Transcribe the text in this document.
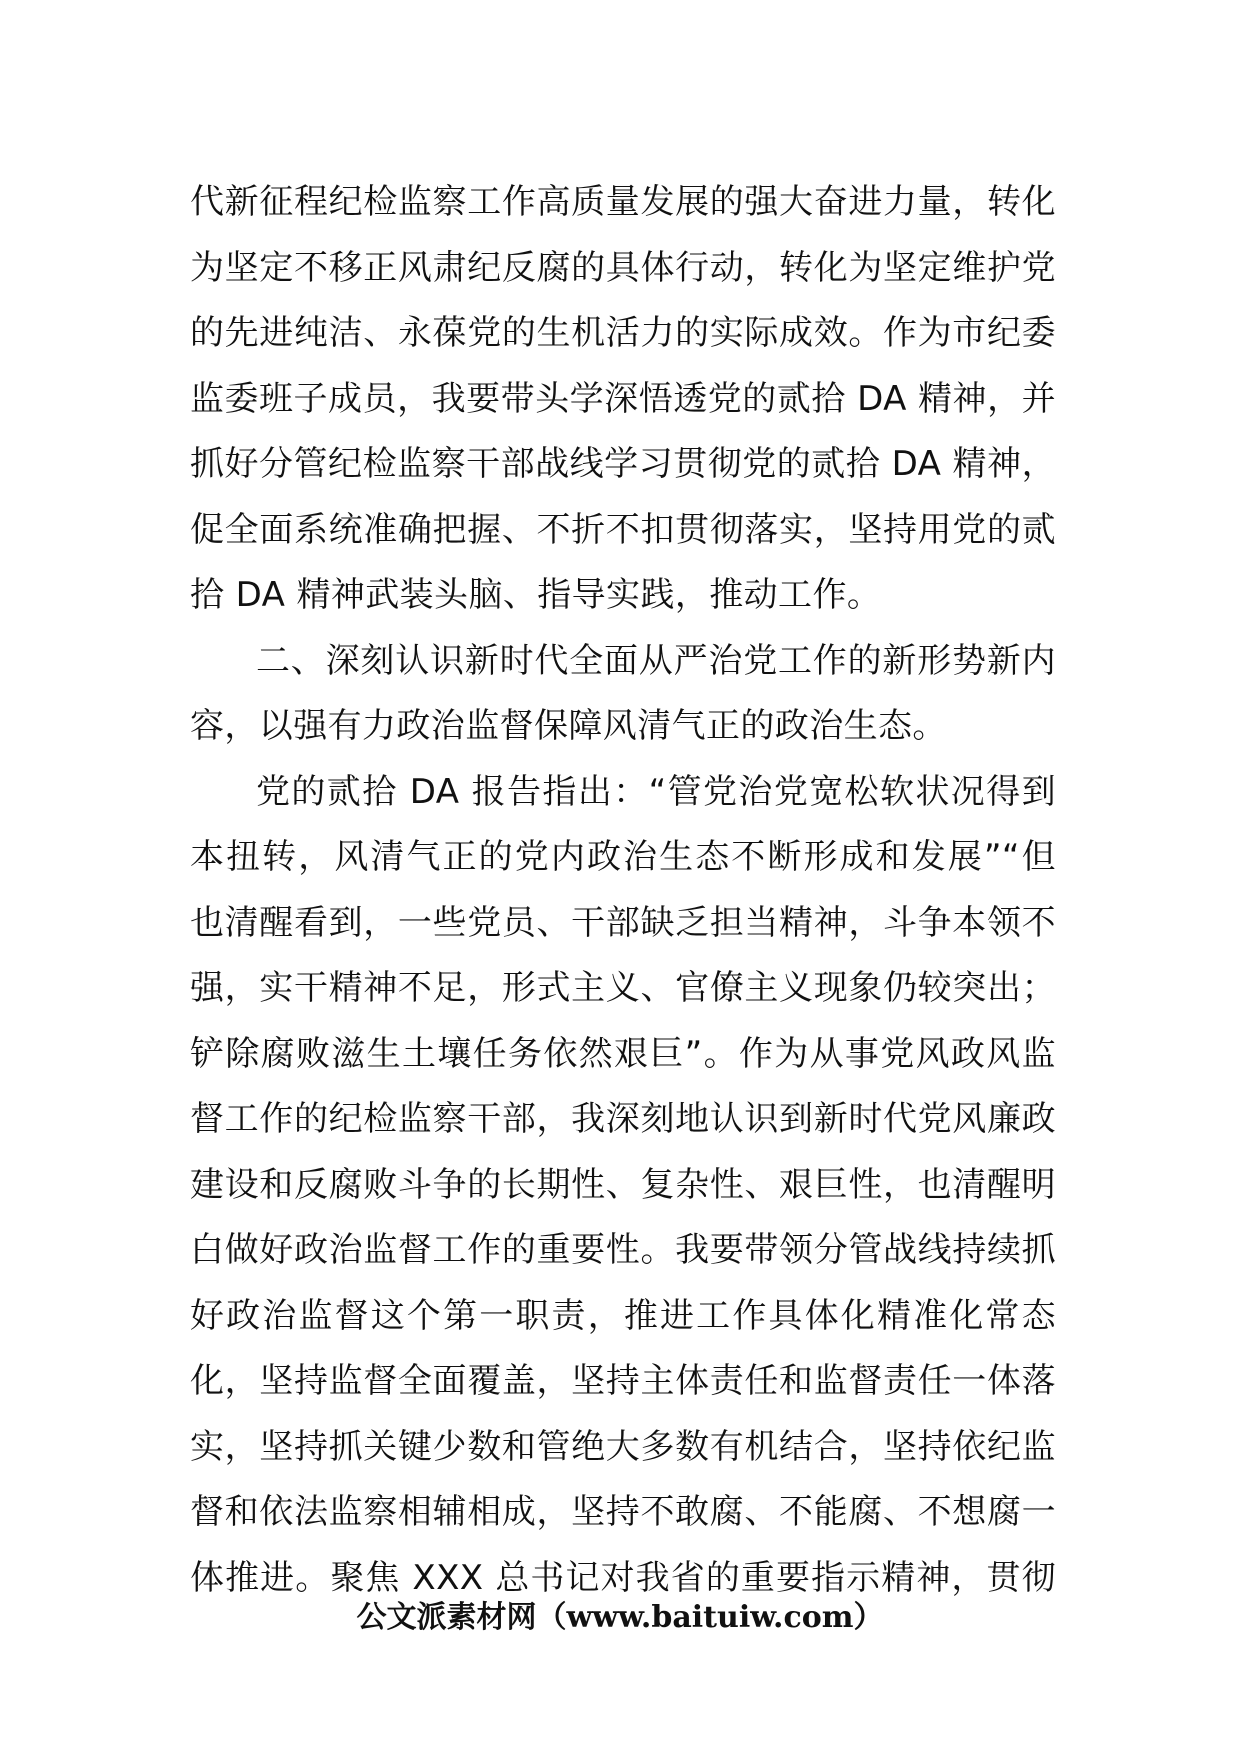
代新征程纪检监察工作高质量发展的强大奋进力量，转化
为坚定不移正风肃纪反腐的具体行动，转化为坚定维护党
的先进纯洁、永葆党的生机活力的实际成效。作为市纪委
监委班子成员，我要带头学深悟透党的贰拾 DA 精神，并
抓好分管纪检监察干部战线学习贯彻党的贰拾 DA 精神，
促全面系统准确把握、不折不扣贯彻落实，坚持用党的贰
拾 DA 精神武装头脑、指导实践，推动工作。
二、深刻认识新时代全面从严治党工作的新形势新内
容，以强有力政治监督保障风清气正的政治生态。
党的贰拾 DA 报告指出：“管党治党宽松软状况得到
本扭转，风清气正的党内政治生态不断形成和发展”“但
也清醒看到，一些党员、干部缺乏担当精神，斗争本领不
强，实干精神不足，形式主义、官僚主义现象仍较突出；
铲除腐败滋生土壤任务依然艰巨”。作为从事党风政风监
督工作的纪检监察干部，我深刻地认识到新时代党风廉政
建设和反腐败斗争的长期性、复杂性、艰巨性，也清醒明
白做好政治监督工作的重要性。我要带领分管战线持续抓
好政治监督这个第一职责，推进工作具体化精准化常态
化，坚持监督全面覆盖，坚持主体责任和监督责任一体落
实，坚持抓关键少数和管绝大多数有机结合，坚持依纪监
督和依法监察相辅相成，坚持不敢腐、不能腐、不想腐一
体推进。聚焦 XXX 总书记对我省的重要指示精神，贯彻
公文派素材网（www.baituiw.com）
